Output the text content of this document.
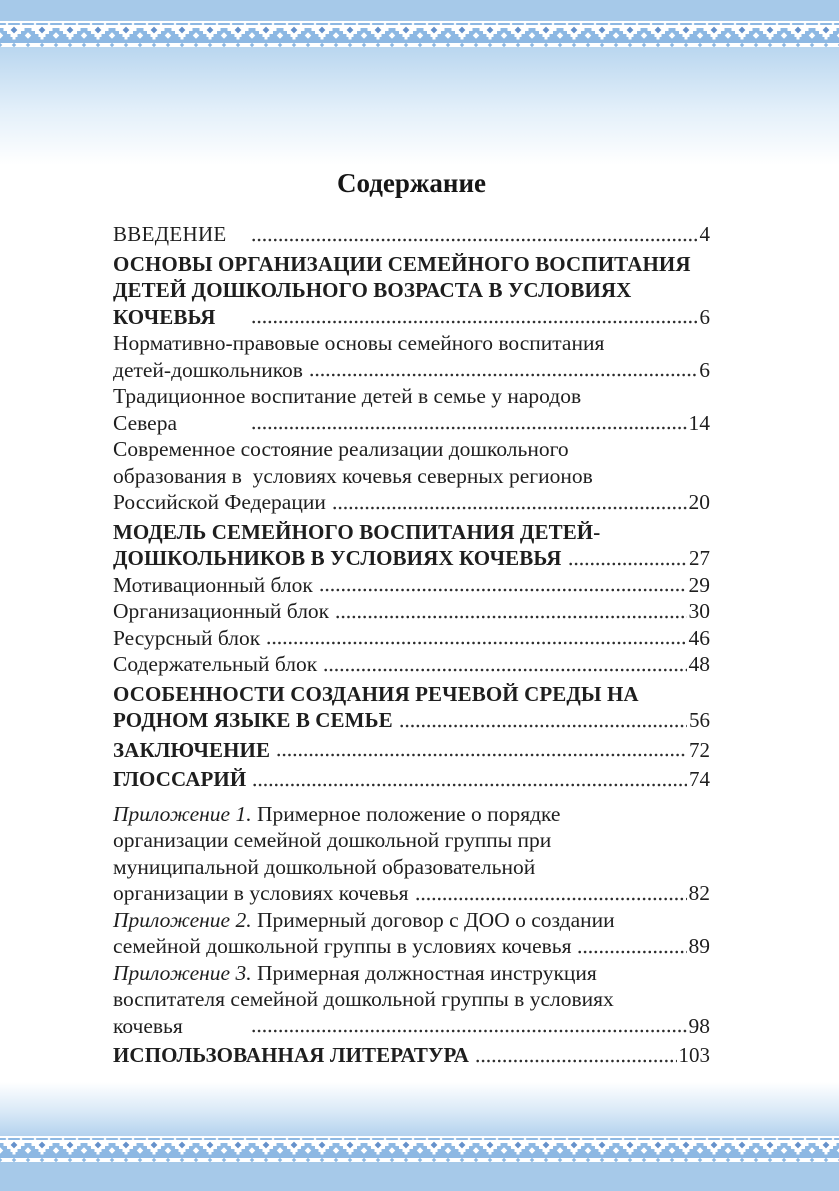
Содержание
ВВЕДЕНИЕ	4
ОСНОВЫ ОРГАНИЗАЦИИ СЕМЕЙНОГО ВОСПИТАНИЯ
ДЕТЕЙ ДОШКОЛЬНОГО ВОЗРАСТА В УСЛОВИЯХ
КОЧЕВЬЯ	6
Нормативно-правовые основы семейного воспитания
детей-дошкольников	6
Традиционное воспитание детей в семье у народов
Севера	14
Современное состояние реализации дошкольного
образования в  условиях кочевья северных регионов
Российской Федерации	20
МОДЕЛЬ СЕМЕЙНОГО ВОСПИТАНИЯ ДЕТЕЙ-
ДОШКОЛЬНИКОВ В УСЛОВИЯХ КОЧЕВЬЯ	27
Мотивационный блок	29
Организационный блок	30
Ресурсный блок	46
Содержательный блок	48
ОСОБЕННОСТИ СОЗДАНИЯ РЕЧЕВОЙ СРЕДЫ НА
РОДНОМ ЯЗЫКЕ В СЕМЬЕ	56
ЗАКЛЮЧЕНИЕ	72
ГЛОССАРИЙ	74
Приложение 1. Примерное положение о порядке
организации семейной дошкольной группы при
муниципальной дошкольной образовательной
организации в условиях кочевья	82
Приложение 2. Примерный договор с ДОО о создании
семейной дошкольной группы в условиях кочевья	89
Приложение 3. Примерная должностная инструкция
воспитателя семейной дошкольной группы в условиях
кочевья	98
ИСПОЛЬЗОВАННАЯ ЛИТЕРАТУРА	103
